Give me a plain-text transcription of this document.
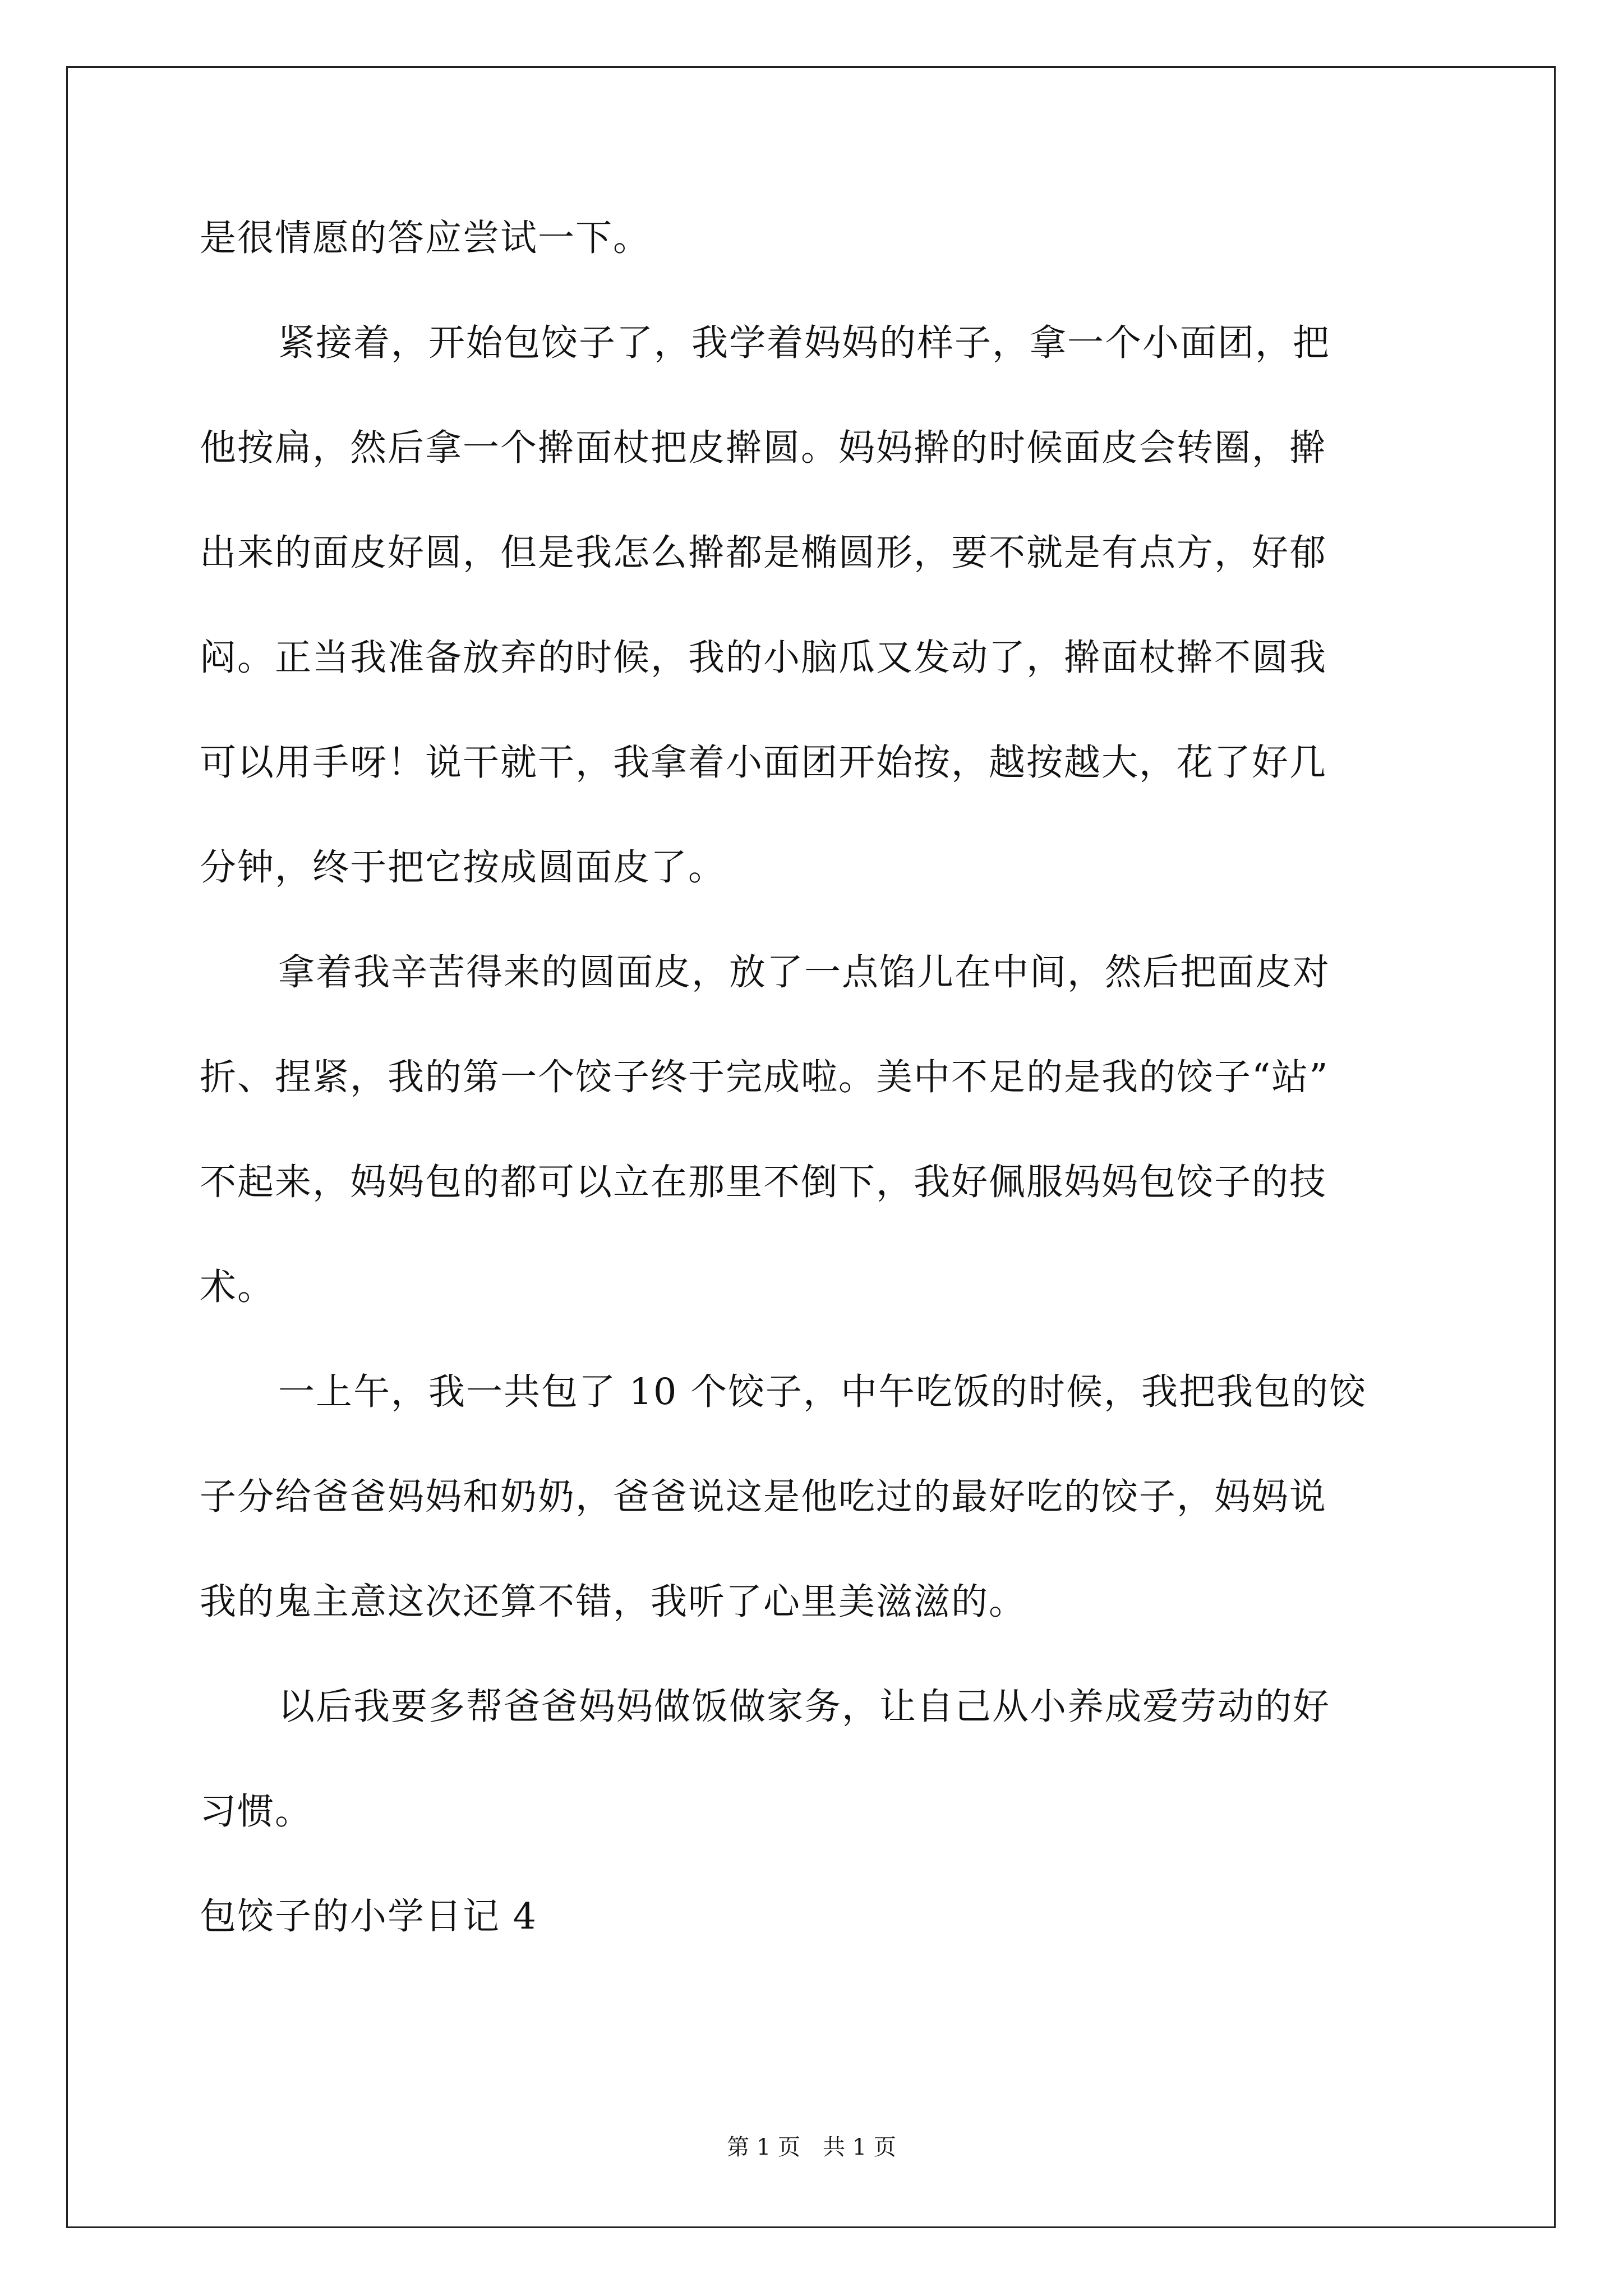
是很情愿的答应尝试一下。
紧接着，开始包饺子了，我学着妈妈的样子，拿一个小面团，把
他按扁，然后拿一个擀面杖把皮擀圆。妈妈擀的时候面皮会转圈，擀
出来的面皮好圆，但是我怎么擀都是椭圆形，要不就是有点方，好郁
闷。正当我准备放弃的时候，我的小脑瓜又发动了，擀面杖擀不圆我
可以用手呀！说干就干，我拿着小面团开始按，越按越大，花了好几
分钟，终于把它按成圆面皮了。
拿着我辛苦得来的圆面皮，放了一点馅儿在中间，然后把面皮对
折、捏紧，我的第一个饺子终于完成啦。美中不足的是我的饺子“站”
不起来，妈妈包的都可以立在那里不倒下，我好佩服妈妈包饺子的技
术。
一上午，我一共包了 10 个饺子，中午吃饭的时候，我把我包的饺
子分给爸爸妈妈和奶奶，爸爸说这是他吃过的最好吃的饺子，妈妈说
我的鬼主意这次还算不错，我听了心里美滋滋的。
以后我要多帮爸爸妈妈做饭做家务，让自己从小养成爱劳动的好
习惯。
包饺子的小学日记 4
第 1 页　共 1 页
